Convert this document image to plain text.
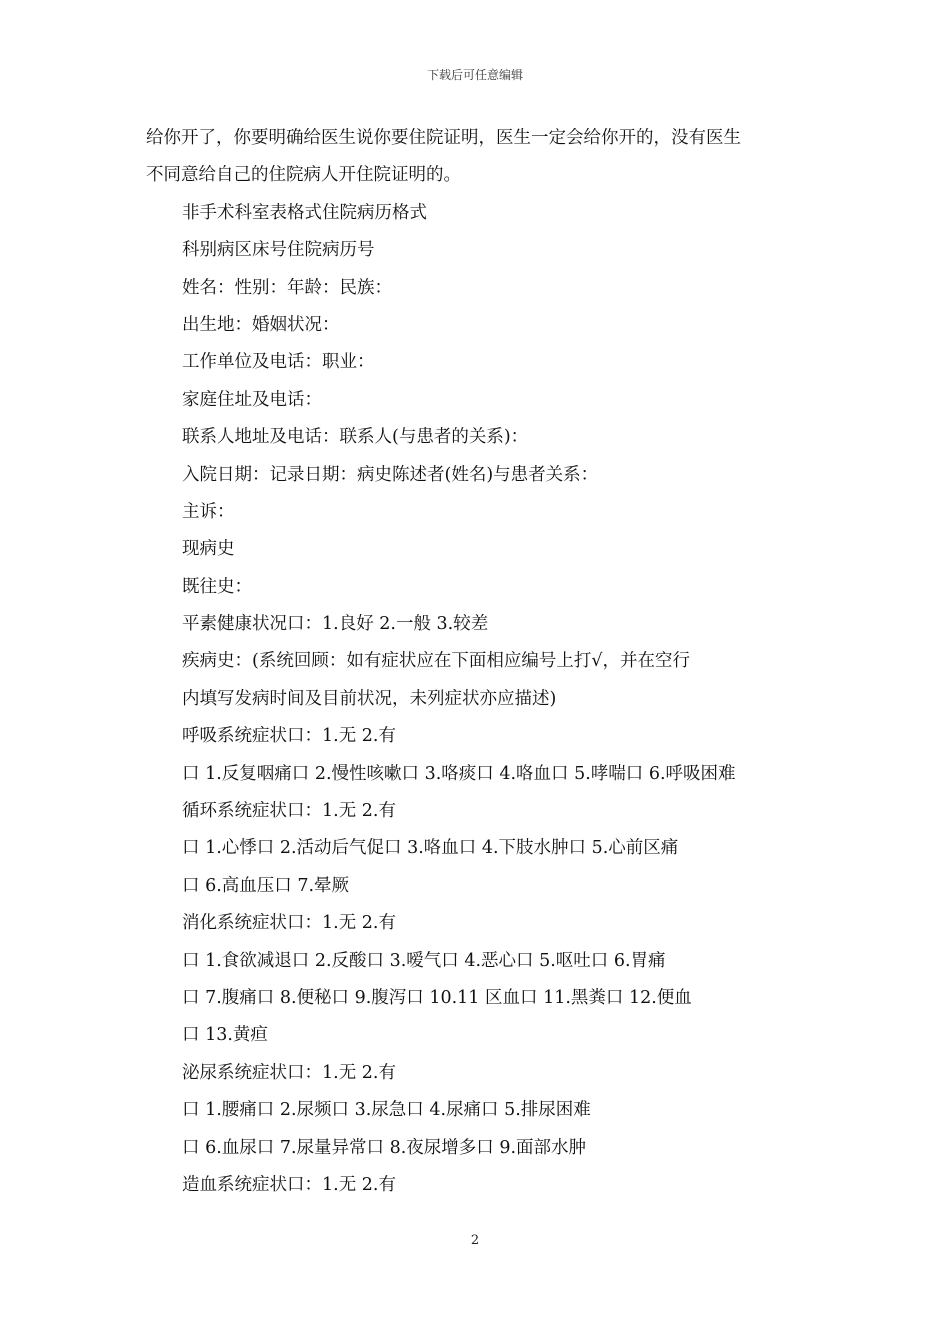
下载后可任意编辑
给你开了，你要明确给医生说你要住院证明，医生一定会给你开的，没有医生
不同意给自己的住院病人开住院证明的。
非手术科室表格式住院病历格式
科别病区床号住院病历号
姓名：性别：年龄：民族：
出生地：婚姻状况：
工作单位及电话：职业：
家庭住址及电话：
联系人地址及电话：联系人(与患者的关系)：
入院日期：记录日期：病史陈述者(姓名)与患者关系：
主诉：
现病史
既往史：
平素健康状况口：1.良好 2.一般 3.较差
疾病史：(系统回顾：如有症状应在下面相应编号上打√，并在空行
内填写发病时间及目前状况，未列症状亦应描述)
呼吸系统症状口：1.无 2.有
口 1.反复咽痛口 2.慢性咳嗽口 3.咯痰口 4.咯血口 5.哮喘口 6.呼吸困难
循环系统症状口：1.无 2.有
口 1.心悸口 2.活动后气促口 3.咯血口 4.下肢水肿口 5.心前区痛
口 6.高血压口 7.晕厥
消化系统症状口：1.无 2.有
口 1.食欲减退口 2.反酸口 3.嗳气口 4.恶心口 5.呕吐口 6.胃痛
口 7.腹痛口 8.便秘口 9.腹泻口 10.11 区血口 11.黑粪口 12.便血
口 13.黄疸
泌尿系统症状口：1.无 2.有
口 1.腰痛口 2.尿频口 3.尿急口 4.尿痛口 5.排尿困难
口 6.血尿口 7.尿量异常口 8.夜尿增多口 9.面部水肿
造血系统症状口：1.无 2.有
2
